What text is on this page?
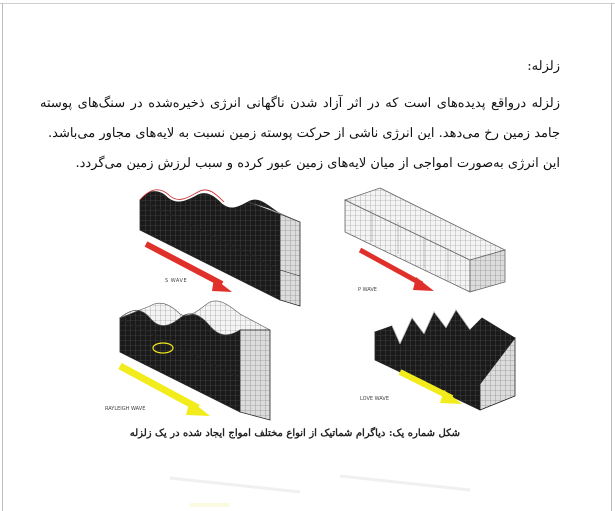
زلزله:
زلزله درواقع پدیده‌های است که در اثر آزاد شدن ناگهانی انرژی ذخیره‌شده در سنگ‌های پوسته
جامد زمین رخ می‌دهد. این انرژی ناشی از حرکت پوسته زمین نسبت به لایه‌های مجاور می‌باشد.
این انرژی به‌صورت امواجی از میان لایه‌های زمین عبور کرده و سبب لرزش زمین می‌گردد.
S WAVE
P WAVE
RAYLEIGH WAVE
LOVE WAVE
شکل شماره یک: دیاگرام شماتیک از انواع مختلف امواج ایجاد شده در یک زلزله
